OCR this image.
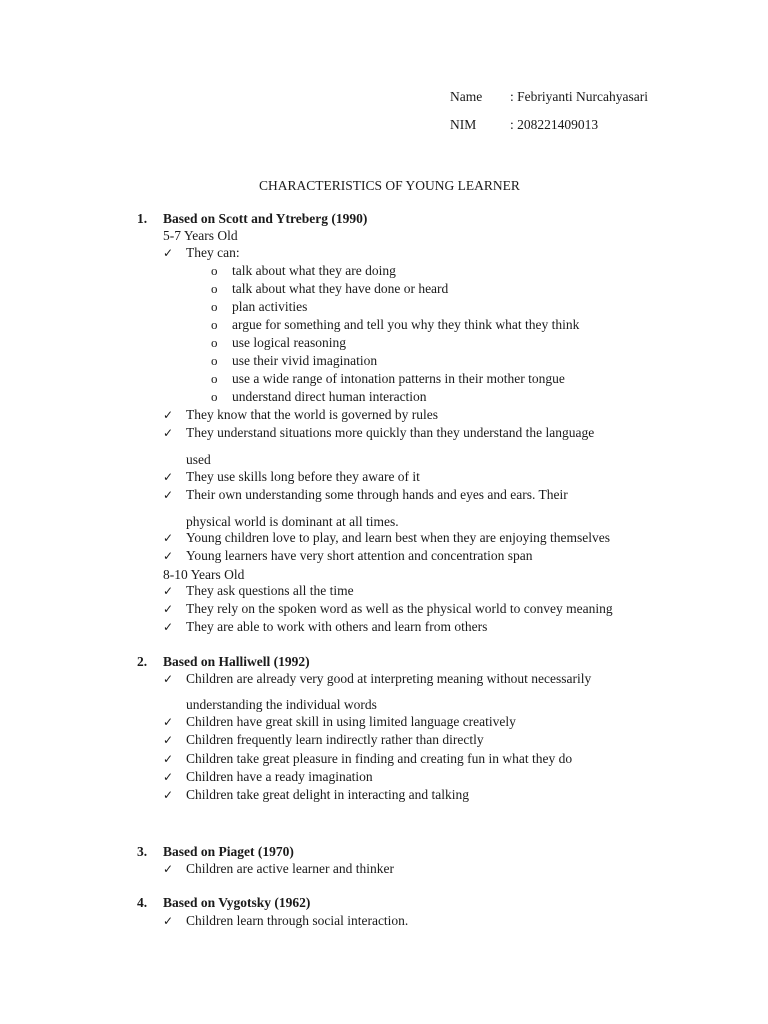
Name : Febriyanti Nurcahyasari
NIM	: 208221409013
CHARACTERISTICS OF YOUNG LEARNER
1. Based on Scott and Ytreberg (1990)
5-7 Years Old
✓ They can:
o talk about what they are doing
o talk about what they have done or heard
o plan activities
o argue for something and tell you why they think what they think
o use logical reasoning
o use their vivid imagination
o use a wide range of intonation patterns in their mother tongue
o understand direct human interaction
✓ They know that the world is governed by rules
✓ They understand situations more quickly than they understand the language
used
✓ They use skills long before they aware of it
✓ Their own understanding some through hands and eyes and ears. Their
physical world is dominant at all times.
✓ Young children love to play, and learn best when they are enjoying themselves
✓ Young learners have very short attention and concentration span
8-10 Years Old
✓ They ask questions all the time
✓ They rely on the spoken word as well as the physical world to convey meaning
✓ They are able to work with others and learn from others
2. Based on Halliwell (1992)
✓ Children are already very good at interpreting meaning without necessarily
understanding the individual words
✓ Children have great skill in using limited language creatively
✓ Children frequently learn indirectly rather than directly
✓ Children take great pleasure in finding and creating fun in what they do
✓ Children have a ready imagination
✓ Children take great delight in interacting and talking
3. Based on Piaget (1970)
✓ Children are active learner and thinker
4. Based on Vygotsky (1962)
✓ Children learn through social interaction.
